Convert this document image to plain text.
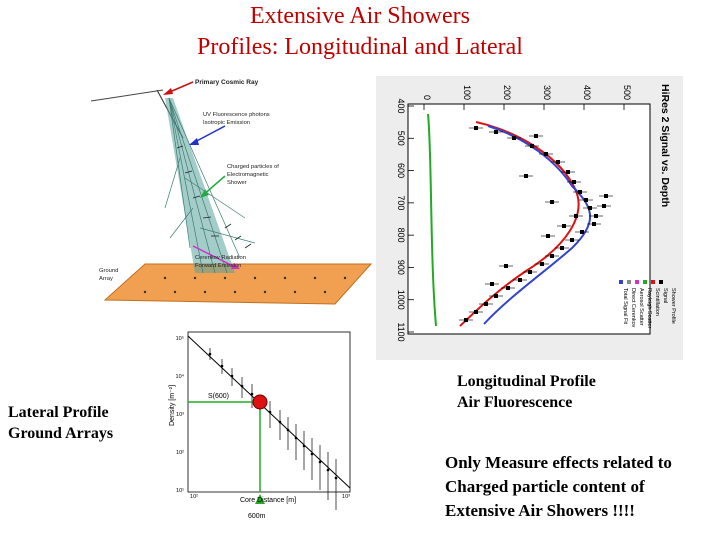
Extensive Air Showers
Profiles: Longitudinal and Lateral
Primary Cosmic Ray
UV Fluorescence photons
Isotropic Emission
Charged particles of
Electromagnetic
Shower
Cerenkov Radiation
Forward Emission
Ground
Array
400
500
600
700
800
900
1000
1100
0	100	200	300	400	500	HiRes 2 Signal vs. Depth
Shower Profile
Signal
Scintillation
Rayleigh Scatter
Aerosol Scatter
Direct Cerenkov
Total Signal Fit
S(600)
600m
Core Distance [m]
Density [m⁻²]
10⁵
10⁴
10³
10²
10¹
10²	10³
Lateral Profile
Ground Arrays
Longitudinal Profile
Air Fluorescence
Only Measure effects related to
Charged particle content of
Extensive Air Showers !!!!
